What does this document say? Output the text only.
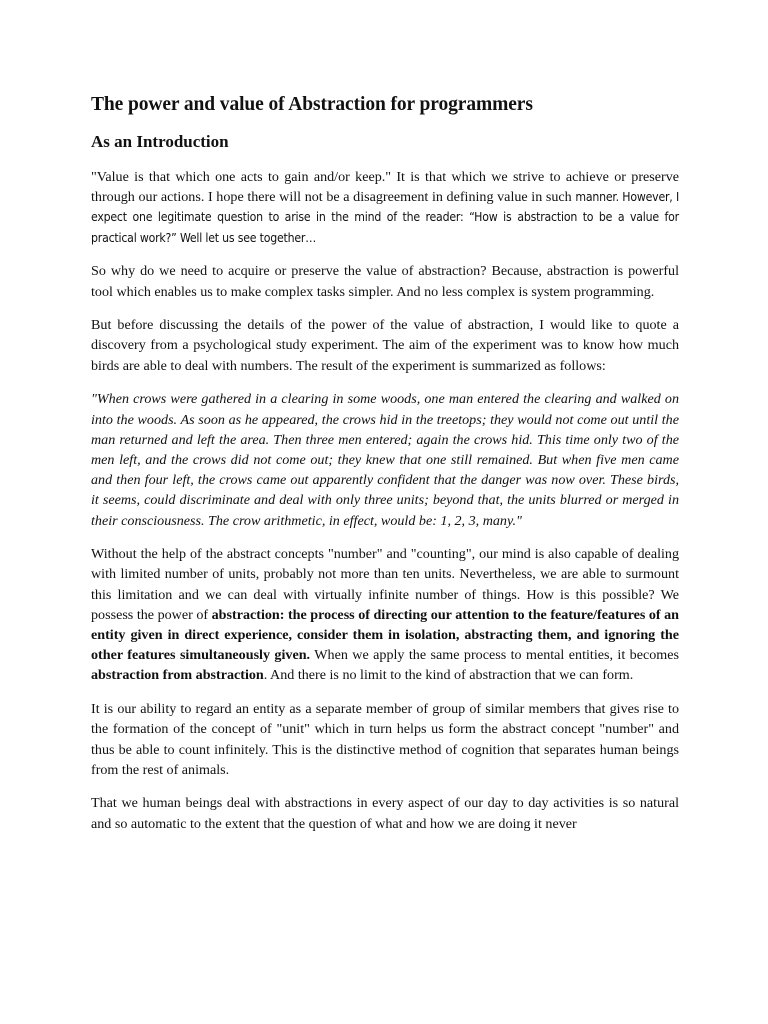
The power and value of Abstraction for programmers
As an Introduction

"Value is that which one acts to gain and/or keep." It is that which we strive to achieve or preserve through our actions. I hope there will not be a disagreement in defining value in such manner. However, I expect one legitimate question to arise in the mind of the reader: “How is abstraction to be a value for practical work?” Well let us see together…

So why do we need to acquire or preserve the value of abstraction? Because, abstraction is powerful tool which enables us to make complex tasks simpler. And no less complex is system programming.

But before discussing the details of the power of the value of abstraction, I would like to quote a discovery from a psychological study experiment. The aim of the experiment was to know how much birds are able to deal with numbers. The result of the experiment is summarized as follows:

"When crows were gathered in a clearing in some woods, one man entered the clearing and walked on into the woods. As soon as he appeared, the crows hid in the treetops; they would not come out until the man returned and left the area. Then three men entered; again the crows hid. This time only two of the men left, and the crows did not come out; they knew that one still remained. But when five men came and then four left, the crows came out apparently confident that the danger was now over. These birds, it seems, could discriminate and deal with only three units; beyond that, the units blurred or merged in their consciousness. The crow arithmetic, in effect, would be: 1, 2, 3, many."

Without the help of the abstract concepts "number" and "counting", our mind is also capable of dealing with limited number of units, probably not more than ten units. Nevertheless, we are able to surmount this limitation and we can deal with virtually infinite number of things. How is this possible? We possess the power of abstraction: the process of directing our attention to the feature/features of an entity given in direct experience, consider them in isolation, abstracting them, and ignoring the other features simultaneously given. When we apply the same process to mental entities, it becomes abstraction from abstraction. And there is no limit to the kind of abstraction that we can form.

It is our ability to regard an entity as a separate member of group of similar members that gives rise to the formation of the concept of "unit" which in turn helps us form the abstract concept "number" and thus be able to count infinitely. This is the distinctive method of cognition that separates human beings from the rest of animals.

That we human beings deal with abstractions in every aspect of our day to day activities is so natural and so automatic to the extent that the question of what and how we are doing it never
